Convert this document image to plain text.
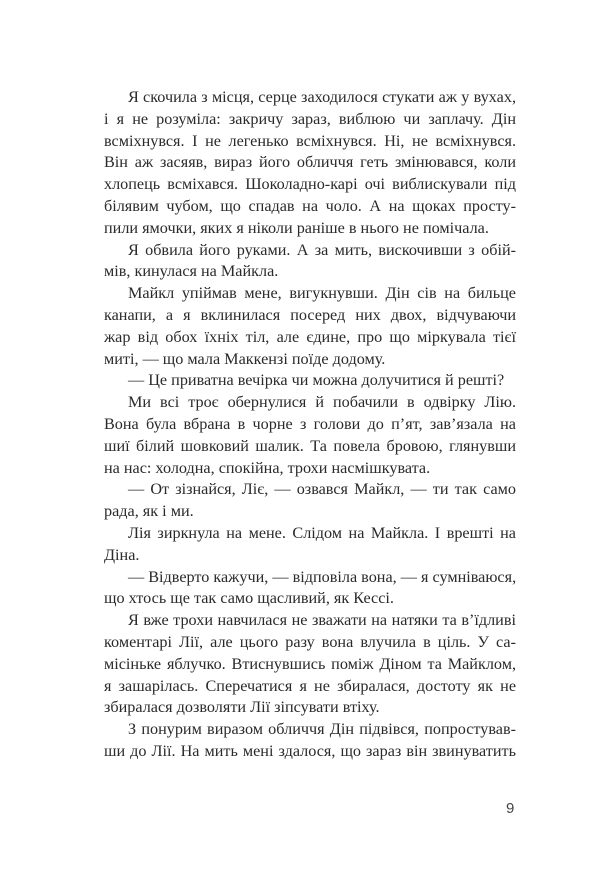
Я скочила з місця, серце заходилося стукати аж у вухах,
і я не розуміла: закричу зараз, виблюю чи заплачу. Дін
всміхнувся. І не легенько всміхнувся. Ні, не всміхнувся.
Він аж засяяв, вираз його обличчя геть змінювався, коли
хлопець всміхався. Шоколадно-карі очі виблискували під
білявим чубом, що спадав на чоло. А на щоках просту-
пили ямочки, яких я ніколи раніше в нього не помічала.
Я обвила його руками. А за мить, вискочивши з обій-
мів, кинулася на Майкла.
Майкл упіймав мене, вигукнувши. Дін сів на бильце
канапи, а я вклинилася посеред них двох, відчуваючи
жар від обох їхніх тіл, але єдине, про що міркувала тієї
миті, — що мала Маккензі поїде додому.
— Це приватна вечірка чи можна долучитися й решті?
Ми всі троє обернулися й побачили в одвірку Лію.
Вона була вбрана в чорне з голови до п’ят, зав’язала на
шиї білий шовковий шалик. Та повела бровою, глянувши
на нас: холодна, спокійна, трохи насмішкувата.
— От зізнайся, Ліє, — озвався Майкл, — ти так само
рада, як і ми.
Лія зиркнула на мене. Слідом на Майкла. І врешті на
Діна.
— Відверто кажучи, — відповіла вона, — я сумніваюся,
що хтось ще так само щасливий, як Кессі.
Я вже трохи навчилася не зважати на натяки та в’їдливі
коментарі Лії, але цього разу вона влучила в ціль. У са-
місіньке яблучко. Втиснувшись поміж Діном та Майклом,
я зашарілась. Сперечатися я не збиралася, достоту як не
збиралася дозволяти Лії зіпсувати втіху.
З понурим виразом обличчя Дін підвівся, попростував-
ши до Лії. На мить мені здалося, що зараз він звинуватить
9
